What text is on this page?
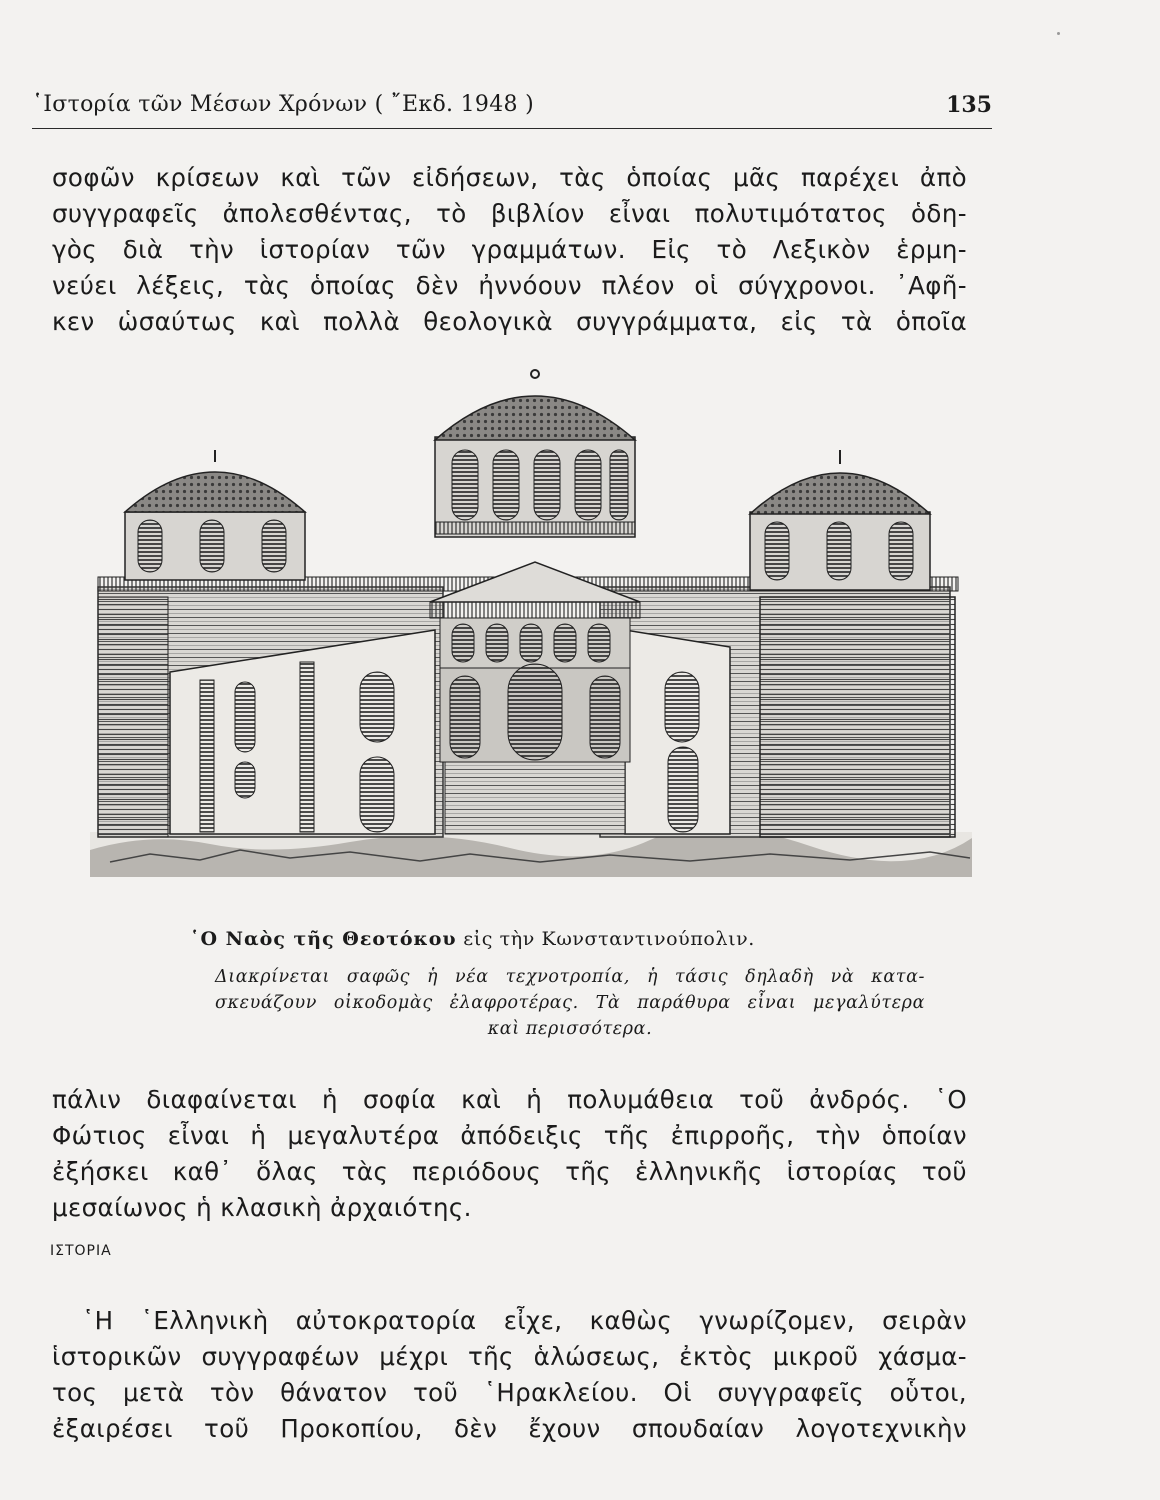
῾Ιστορία τῶν Μέσων Χρόνων ( ῎Εκδ. 1948 )	135
σοφῶν κρίσεων καὶ τῶν εἰδήσεων, τὰς ὁποίας μᾶς παρέχει ἀπὸ
συγγραφεῖς ἀπολεσθέντας, τὸ βιβλίον εἶναι πολυτιμότατος ὁδη-
γὸς διὰ τὴν ἱστορίαν τῶν γραμμάτων. Εἰς τὸ Λεξικὸν ἑρμη-
νεύει λέξεις, τὰς ὁποίας δὲν ἠννόουν πλέον οἱ σύγχρονοι. ᾿Αφῆ-
κεν ὡσαύτως καὶ πολλὰ θεολογικὰ συγγράμματα, εἰς τὰ ὁποῖα
῾Ο Ναὸς τῆς Θεοτόκου εἰς τὴν Κωνσταντινούπολιν.
Διακρίνεται σαφῶς ἡ νέα τεχνοτροπία, ἡ τάσις δηλαδὴ νὰ κατα-
σκευάζουν οἰκοδομὰς ἐλαφροτέρας. Τὰ παράθυρα εἶναι μεγαλύτερα
καὶ περισσότερα.
πάλιν διαφαίνεται ἡ σοφία καὶ ἡ πολυμάθεια τοῦ ἀνδρός. ῾Ο
Φώτιος εἶναι ἡ μεγαλυτέρα ἀπόδειξις τῆς ἐπιρροῆς, τὴν ὁποίαν
ἐξήσκει καθ᾿ ὅλας τὰς περιόδους τῆς ἑλληνικῆς ἱστορίας τοῦ
μεσαίωνος ἡ κλασικὴ ἀρχαιότης.
ΙΣΤΟΡΙΑ
῾Η ῾Ελληνικὴ αὐτοκρατορία εἶχε, καθὼς γνωρίζομεν, σειρὰν
ἱστορικῶν συγγραφέων μέχρι τῆς ἁλώσεως, ἐκτὸς μικροῦ χάσμα-
τος μετὰ τὸν θάνατον τοῦ ῾Ηρακλείου. Οἱ συγγραφεῖς οὗτοι,
ἐξαιρέσει τοῦ Προκοπίου, δὲν ἔχουν σπουδαίαν λογοτεχνικὴν
